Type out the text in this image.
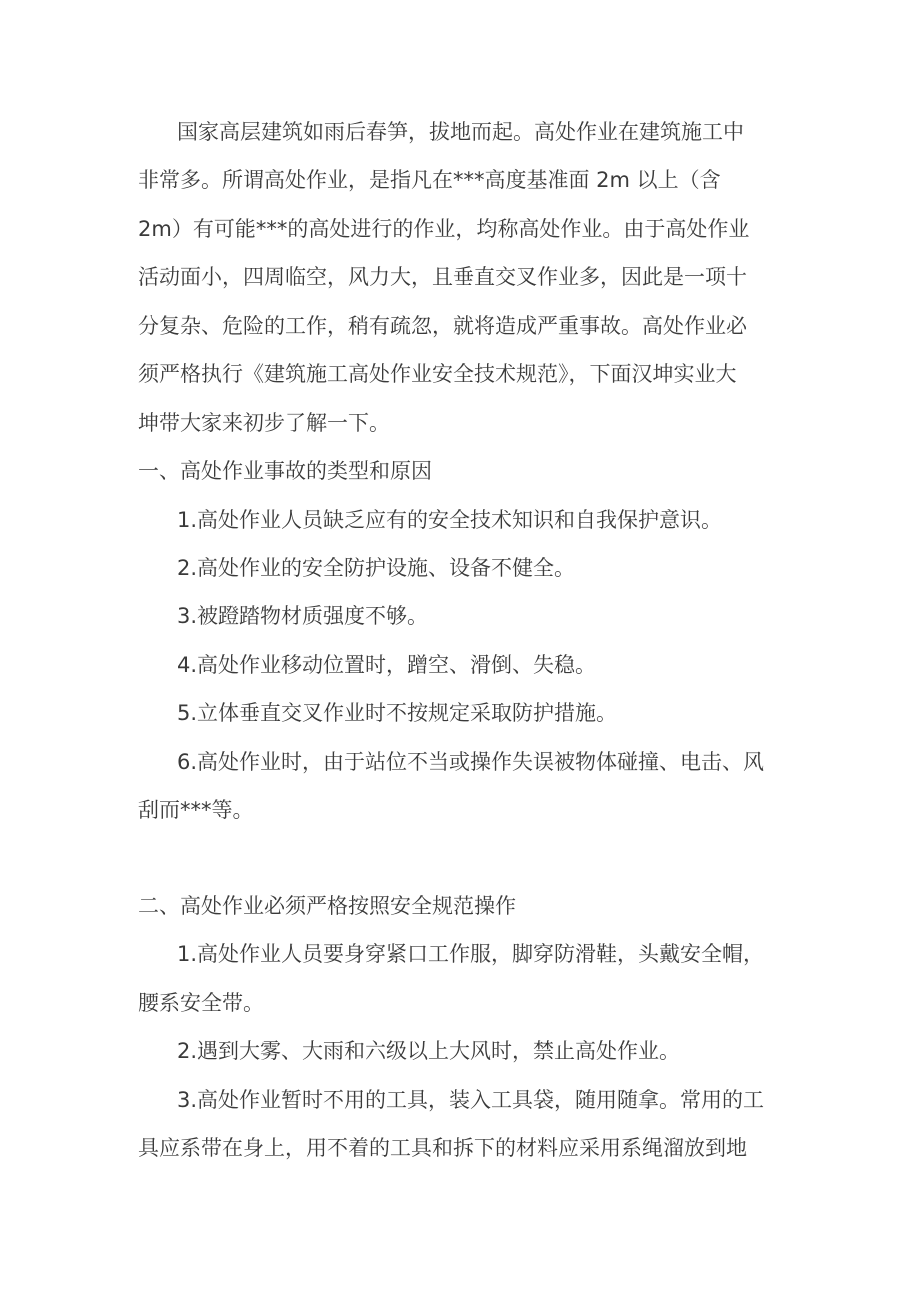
国家高层建筑如雨后春笋，拔地而起。高处作业在建筑施工中
非常多。所谓高处作业，是指凡在***高度基准面 2m 以上（含
2m）有可能***的高处进行的作业，均称高处作业。由于高处作业
活动面小，四周临空，风力大，且垂直交叉作业多，因此是一项十
分复杂、危险的工作，稍有疏忽，就将造成严重事故。高处作业必
须严格执行《建筑施工高处作业安全技术规范》，下面汉坤实业大
坤带大家来初步了解一下。
一、高处作业事故的类型和原因
1.高处作业人员缺乏应有的安全技术知识和自我保护意识。
2.高处作业的安全防护设施、设备不健全。
3.被蹬踏物材质强度不够。
4.高处作业移动位置时，蹭空、滑倒、失稳。
5.立体垂直交叉作业时不按规定采取防护措施。
6.高处作业时，由于站位不当或操作失误被物体碰撞、电击、风
刮而***等。
二、高处作业必须严格按照安全规范操作
1.高处作业人员要身穿紧口工作服，脚穿防滑鞋，头戴安全帽，
腰系安全带。
2.遇到大雾、大雨和六级以上大风时，禁止高处作业。
3.高处作业暂时不用的工具，装入工具袋，随用随拿。常用的工
具应系带在身上，用不着的工具和拆下的材料应采用系绳溜放到地
